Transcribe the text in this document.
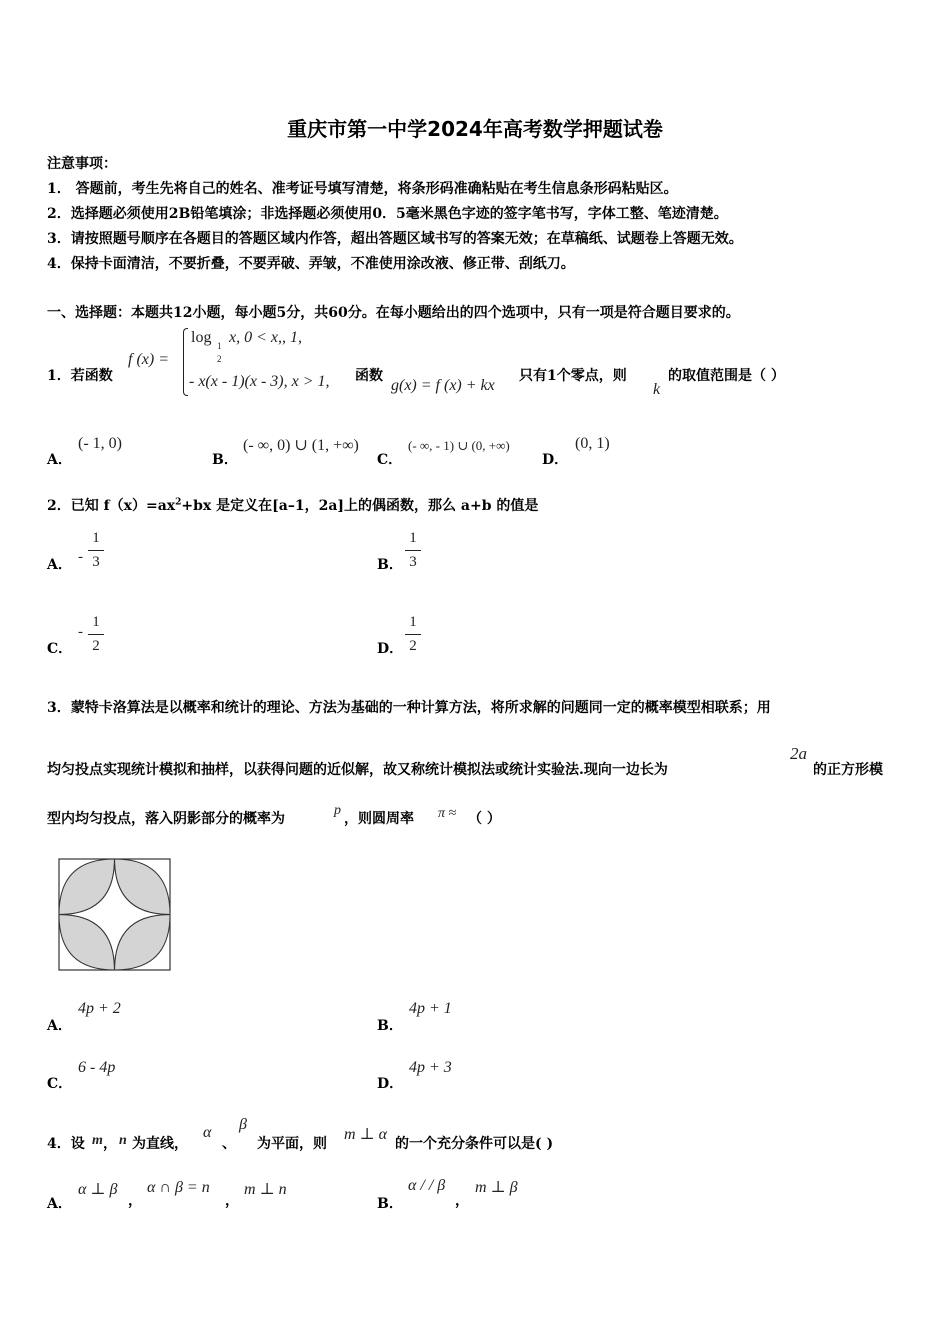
重庆市第一中学2024年高考数学押题试卷
注意事项：
1． 答题前，考生先将自己的姓名、准考证号填写清楚，将条形码准确粘贴在考生信息条形码粘贴区。
2．选择题必须使用2B铅笔填涂；非选择题必须使用0．5毫米黑色字迹的签字笔书写，字体工整、笔迹清楚。
3．请按照题号顺序在各题目的答题区域内作答，超出答题区域书写的答案无效；在草稿纸、试题卷上答题无效。
4．保持卡面清洁，不要折叠，不要弄破、弄皱，不准使用涂改液、修正带、刮纸刀。
一、选择题：本题共12小题，每小题5分，共60分。在每小题给出的四个选项中，只有一项是符合题目要求的。
1．若函数
f (x) =
log 1
2
x, 0 < x,, 1,
- x(x - 1)(x - 3), x > 1, 函数
g(x) = f (x) + kx
只有1个零点，则
k
的取值范围是（ ）
A．
(- 1, 0)
B．
(- ∞, 0) ∪ (1, +∞)
C．
(- ∞, - 1) ∪ (0, +∞)
D．
(0, 1)
2．已知 $f(x)=ax^2+bx$ 是定义在[a–1，2a]上的偶函数，那么 a+b 的值是
A． -
1
3	B．
1
3
C．
-
1
2	D．
1
2
3．蒙特卡洛算法是以概率和统计的理论、方法为基础的一种计算方法，将所求解的问题同一定的概率模型相联系；用
均匀投点实现统计模拟和抽样，以获得问题的近似解，故又称统计模拟法或统计实验法.现向一边长为
2a
的正方形模
型内均匀投点，落入阴影部分的概率为
p
，则圆周率 π ≈ （ ）
A．
4p + 2
B．
4p + 1
C．
6 - 4p
D．
4p + 3
4．设 m ， n 为直线，
α
、
β
为平面，则
m ⊥ α
的一个充分条件可以是( )
A．
α ⊥ β
，
α ∩ β = n
，
m ⊥ n
B．
α / / β
，
m ⊥ β
